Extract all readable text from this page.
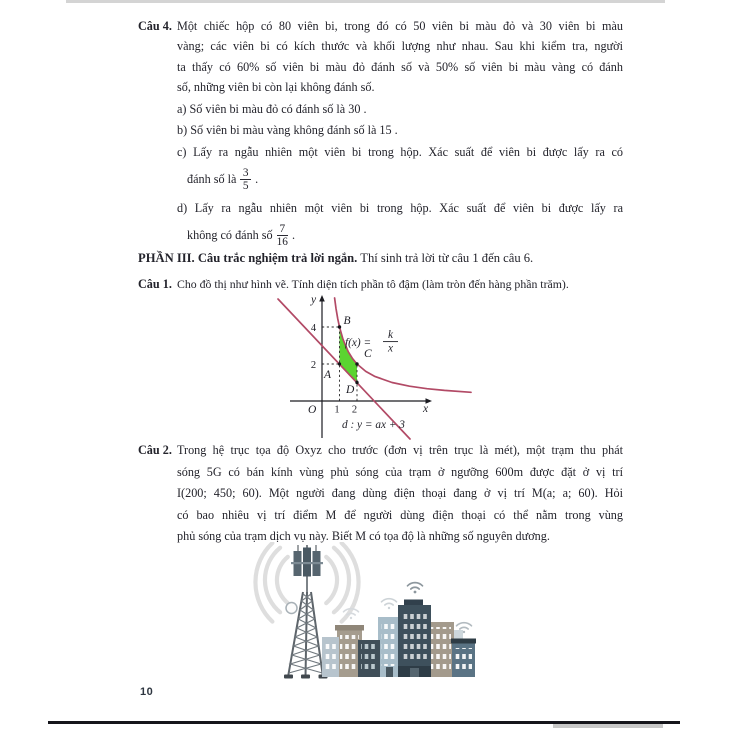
Câu 4. Một chiếc hộp có 80 viên bi, trong đó có 50 viên bi màu đỏ và 30 viên bi màu
vàng; các viên bi có kích thước và khối lượng như nhau. Sau khi kiểm tra, người
ta thấy có 60% số viên bi màu đỏ đánh số và 50% số viên bi màu vàng có đánh
số, những viên bi còn lại không đánh số.
a) Số viên bi màu đỏ có đánh số là 30 .
b) Số viên bi màu vàng không đánh số là 15 .
c) Lấy ra ngẫu nhiên một viên bi trong hộp. Xác suất để viên bi được lấy ra có
đánh số là $\frac{3}{5}$ .
d) Lấy ra ngẫu nhiên một viên bi trong hộp. Xác suất để viên bi được lấy ra
không có đánh số $\frac{7}{16}$ .
PHẦN III. Câu trắc nghiệm trả lời ngắn. Thí sinh trả lời từ câu 1 đến câu 6.
Câu 1. Cho đồ thị như hình vẽ. Tính diện tích phần tô đậm (làm tròn đến hàng phần trăm).
y
x
O 1 2
2
4
B
A
C
D
f(x) =
k
x
d : y = ax + 3
Câu 2. Trong hệ trục tọa độ Oxyz cho trước (đơn vị trên trục là mét), một trạm thu phát
sóng 5G có bán kính vùng phủ sóng của trạm ở ngưỡng 600m được đặt ở vị trí
I(200; 450; 60). Một người đang dùng điện thoại đang ở vị trí M(a; a; 60). Hỏi
có bao nhiêu vị trí điểm M để người dùng điện thoại có thể nằm trong vùng
phủ sóng của trạm dịch vụ này. Biết M có tọa độ là những số nguyên dương.
10
